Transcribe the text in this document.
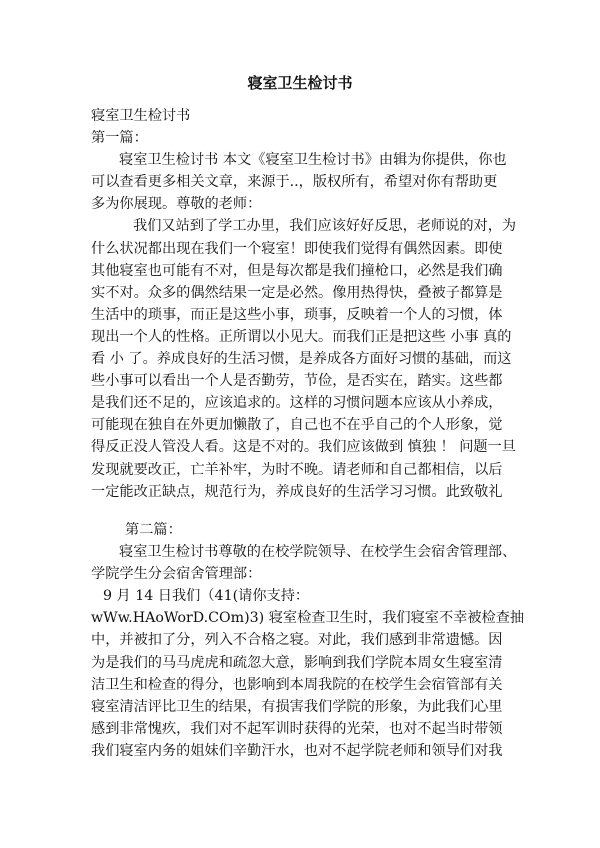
寝室卫生检讨书
寝室卫生检讨书
第一篇：
寝室卫生检讨书 本文《寝室卫生检讨书》由辑为你提供，你也
可以查看更多相关文章，来源于..，版权所有，希望对你有帮助更
多为你展现。尊敬的老师：
我们又站到了学工办里，我们应该好好反思，老师说的对，为
什么状况都出现在我们一个寝室！即使我们觉得有偶然因素。即使
其他寝室也可能有不对，但是每次都是我们撞枪口，必然是我们确
实不对。众多的偶然结果一定是必然。像用热得快，叠被子都算是
生活中的琐事，而正是这些小事，琐事，反映着一个人的习惯，体
现出一个人的性格。正所谓以小见大。而我们正是把这些 小事 真的
看 小 了。养成良好的生活习惯，是养成各方面好习惯的基础，而这
些小事可以看出一个人是否勤劳，节俭，是否实在，踏实。这些都
是我们还不足的，应该追求的。这样的习惯问题本应该从小养成，
可能现在独自在外更加懒散了，自己也不在乎自己的个人形象，觉
得反正没人管没人看。这是不对的。我们应该做到 慎独 ！ 问题一旦
发现就要改正，亡羊补牢，为时不晚。请老师和自己都相信，以后
一定能改正缺点，规范行为，养成良好的生活学习习惯。此致敬礼
第二篇：
寝室卫生检讨书尊敬的在校学院领导、在校学生会宿舍管理部、
学院学生分会宿舍管理部：
9 月 14 日我们（41(请你支持：
wWw.HAoWorD.COm)3) 寝室检查卫生时，我们寝室不幸被检查抽
中，并被扣了分，列入不合格之寝。对此，我们感到非常遗憾。因
为是我们的马马虎虎和疏忽大意，影响到我们学院本周女生寝室清
洁卫生和检查的得分，也影响到本周我院的在校学生会宿管部有关
寝室清洁评比卫生的结果，有损害我们学院的形象，为此我们心里
感到非常愧疚，我们对不起军训时获得的光荣，也对不起当时带领
我们寝室内务的姐妹们辛勤汗水，也对不起学院老师和领导们对我
